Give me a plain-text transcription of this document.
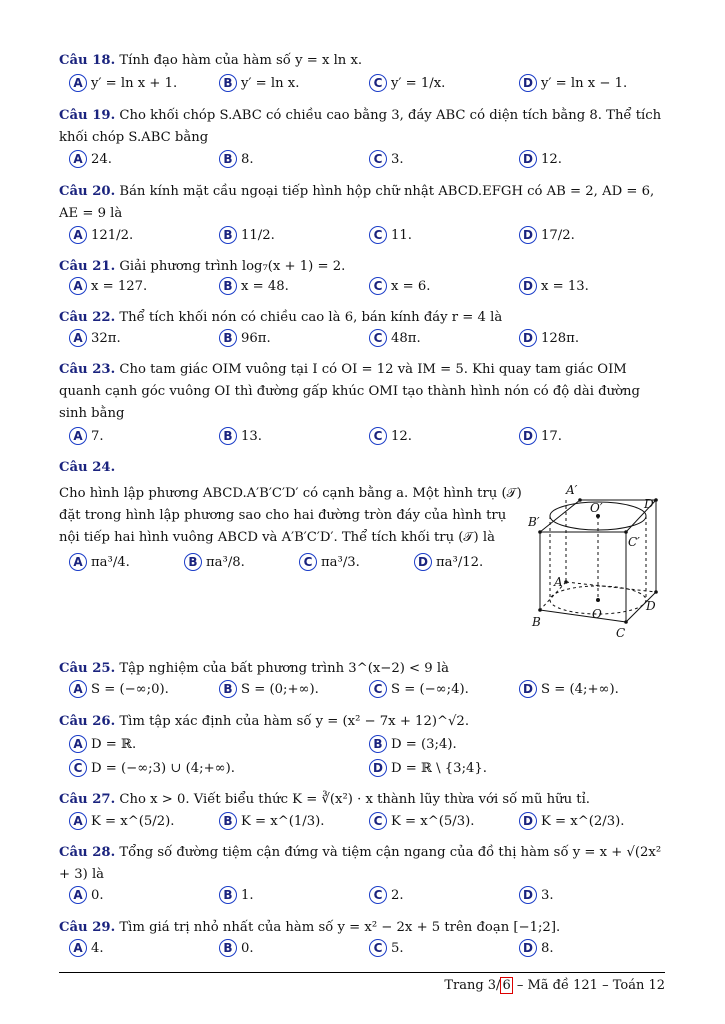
Câu 18. Tính đạo hàm của hàm số y = x ln x.
A y′ = ln x + 1.	B y′ = ln x.	C y′ = 1/x.	D y′ = ln x − 1.
Câu 19. Cho khối chóp S.ABC có chiều cao bằng 3, đáy ABC có diện tích bằng 8. Thể tích khối chóp S.ABC bằng
A 24.	B 8.	C 3.	D 12.
Câu 20. Bán kính mặt cầu ngoại tiếp hình hộp chữ nhật ABCD.EFGH có AB = 2, AD = 6, AE = 9 là
A 121/2.	B 11/2.	C 11.	D 17/2.
Câu 21. Giải phương trình log₇(x + 1) = 2.
A x = 127.	B x = 48.	C x = 6.	D x = 13.
Câu 22. Thể tích khối nón có chiều cao là 6, bán kính đáy r = 4 là
A 32π.	B 96π.	C 48π.	D 128π.
Câu 23. Cho tam giác OIM vuông tại I có OI = 12 và IM = 5. Khi quay tam giác OIM quanh cạnh góc vuông OI thì đường gấp khúc OMI tạo thành hình nón có độ dài đường sinh bằng
A 7.	B 13.	C 12.	D 17.
Câu 24.
Cho hình lập phương ABCD.A′B′C′D′ có cạnh bằng a. Một hình trụ (𝒯) đặt trong hình lập phương sao cho hai đường tròn đáy của hình trụ nội tiếp hai hình vuông ABCD và A′B′C′D′. Thể tích khối trụ (𝒯) là
A πa³/4.	B πa³/8.	C πa³/3.	D πa³/12.
A′
D′
O′
B′
C′
A
D
O
B
C
Câu 25. Tập nghiệm của bất phương trình 3^(x−2) < 9 là
A S = (−∞;0).	B S = (0;+∞).	C S = (−∞;4).	D S = (4;+∞).
Câu 26. Tìm tập xác định của hàm số y = (x² − 7x + 12)^√2.
A D = ℝ.	B D = (3;4).
C D = (−∞;3) ∪ (4;+∞).	D D = ℝ \ {3;4}.
Câu 27. Cho x > 0. Viết biểu thức K = ∛(x²) · x thành lũy thừa với số mũ hữu tỉ.
A K = x^(5/2).	B K = x^(1/3).	C K = x^(5/3).	D K = x^(2/3).
Câu 28. Tổng số đường tiệm cận đứng và tiệm cận ngang của đồ thị hàm số y = x + √(2x² + 3) là
A 0.	B 1.	C 2.	D 3.
Câu 29. Tìm giá trị nhỏ nhất của hàm số y = x² − 2x + 5 trên đoạn [−1;2].
A 4.	B 0.	C 5.	D 8.
Trang 3/ 6 – Mã đề 121 – Toán 12
